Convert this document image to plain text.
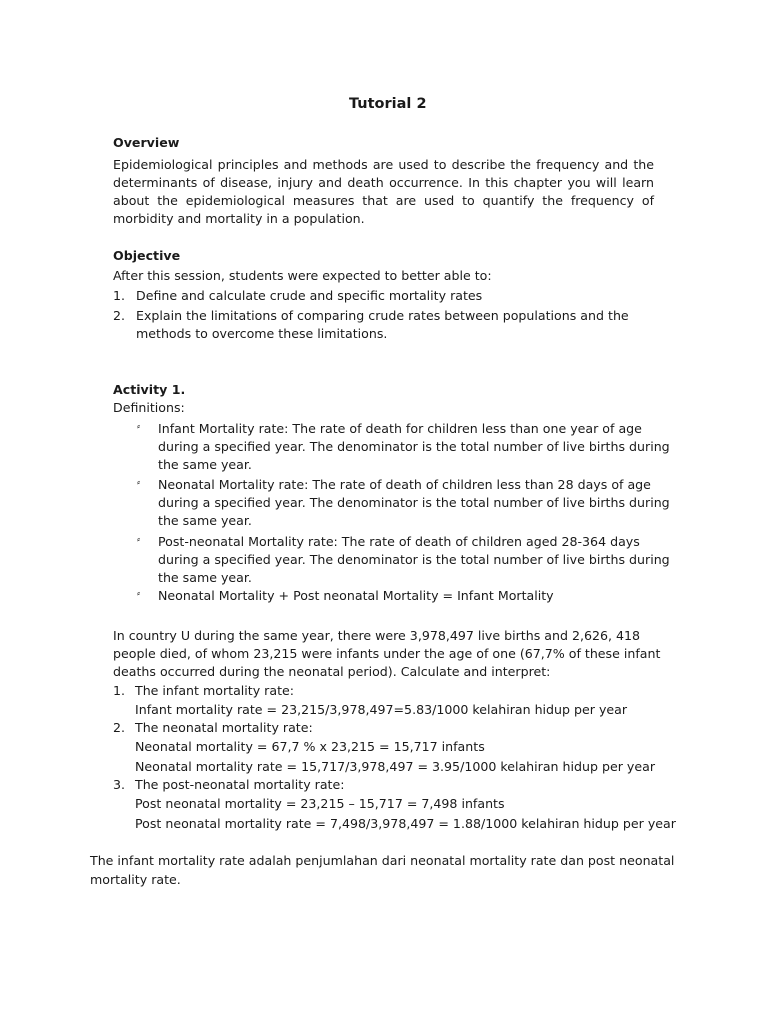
Tutorial 2
Overview
Epidemiological principles and methods are used to describe the frequency and the
determinants of disease, injury and death occurrence. In this chapter you will learn
about the epidemiological measures that are used to quantify the frequency of
morbidity and mortality in a population.
Objective
After this session, students were expected to better able to:
1. Define and calculate crude and specific mortality rates
2. Explain the limitations of comparing crude rates between populations and the
methods to overcome these limitations.
Activity 1.
Definitions:
⸗ Infant Mortality rate: The rate of death for children less than one year of age
during a specified year. The denominator is the total number of live births during
the same year.
⸗ Neonatal Mortality rate: The rate of death of children less than 28 days of age
during a specified year. The denominator is the total number of live births during
the same year.
⸗ Post-neonatal Mortality rate: The rate of death of children aged 28-364 days
during a specified year. The denominator is the total number of live births during
the same year.
⸗ Neonatal Mortality + Post neonatal Mortality = Infant Mortality
In country U during the same year, there were 3,978,497 live births and 2,626, 418
people died, of whom 23,215 were infants under the age of one (67,7% of these infant
deaths occurred during the neonatal period). Calculate and interpret:
1. The infant mortality rate:
Infant mortality rate = 23,215/3,978,497=5.83/1000 kelahiran hidup per year
2. The neonatal mortality rate:
Neonatal mortality = 67,7 % x 23,215 = 15,717 infants
Neonatal mortality rate = 15,717/3,978,497 = 3.95/1000 kelahiran hidup per year
3. The post-neonatal mortality rate:
Post neonatal mortality = 23,215 – 15,717 = 7,498 infants
Post neonatal mortality rate = 7,498/3,978,497 = 1.88/1000 kelahiran hidup per year
The infant mortality rate adalah penjumlahan dari neonatal mortality rate dan post neonatal
mortality rate.
